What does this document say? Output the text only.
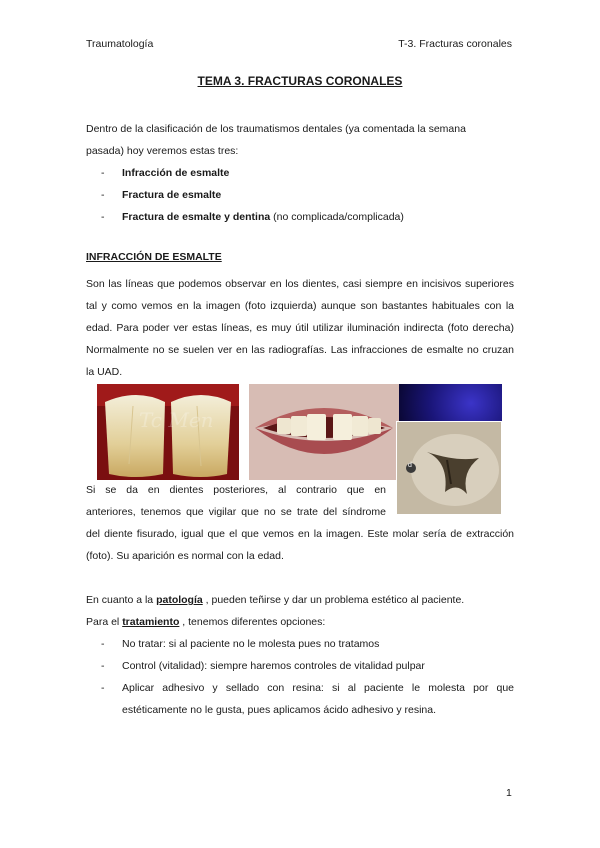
Traumatología	T-3. Fracturas coronales
TEMA 3. FRACTURAS CORONALES
Dentro de la clasificación de los traumatismos dentales (ya comentada la semana
pasada) hoy veremos estas tres:
- Infracción de esmalte
- Fractura de esmalte
- Fractura de esmalte y dentina (no complicada/complicada)
INFRACCIÓN DE ESMALTE
Son las líneas que podemos observar en los dientes, casi siempre en incisivos superiores tal y como vemos en la imagen (foto izquierda) aunque son bastantes habituales con la edad. Para poder ver estas líneas, es muy útil utilizar iluminación indirecta (foto derecha) Normalmente no se suelen ver en las radiografías. Las infracciones de esmalte no cruzan la UAD.
Tc Men
d
Si se da en dientes posteriores, al contrario que en
anteriores, tenemos que vigilar que no se trate del síndrome
del diente fisurado, igual que el que vemos en la imagen. Este molar sería de extracción
(foto). Su aparición es normal con la edad.
En cuanto a la patología , pueden teñirse y dar un problema estético al paciente.
Para el tratamiento , tenemos diferentes opciones:
- No tratar: si al paciente no le molesta pues no tratamos
- Control (vitalidad): siempre haremos controles de vitalidad pulpar
- Aplicar adhesivo y sellado con resina: si al paciente le molesta por que estéticamente no le gusta, pues aplicamos ácido adhesivo y resina.
1
